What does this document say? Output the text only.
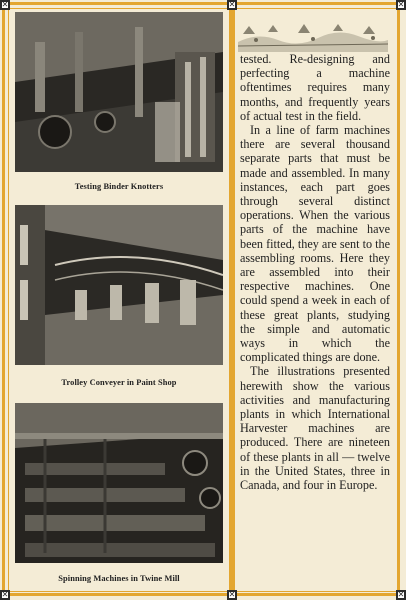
✕	✕
✕	✕
✕
✕
Testing Binder Knotters
Trolley Conveyer in Paint Shop
Spinning Machines in Twine Mill

tested. Re-designing and perfecting a machine oftentimes requires many months, and frequently years of actual test in the field.

In a line of farm machines there are several thousand separate parts that must be made and assembled. In many instances, each part goes through several distinct operations. When the various parts of the machine have been fitted, they are sent to the assembling rooms. Here they are assembled into their respective machines. One could spend a week in each of these great plants, studying the simple and automatic ways in which the complicated things are done.

The illustrations presented herewith show the various activities and manufacturing plants in which International Harvester machines are produced. There are nineteen of these plants in all — twelve in the United States, three in Canada, and four in Europe.
